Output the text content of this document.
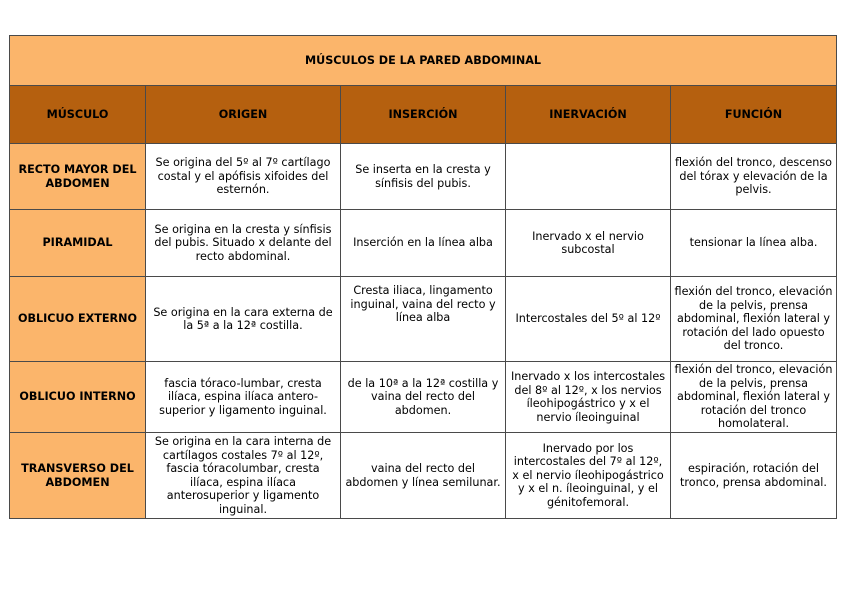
MÚSCULOS DE LA PARED ABDOMINAL				
MÚSCULO	ORIGEN	INSERCIÓN	INERVACIÓN	FUNCIÓN
RECTO MAYOR DEL ABDOMEN	Se origina del 5º al 7º cartílago costal y el apófisis xifoides del esternón.	Se inserta en la cresta y sínfisis del pubis.		flexión del tronco, descenso del tórax y elevación de la pelvis.
PIRAMIDAL	Se origina en la cresta y sínfisis del pubis. Situado x delante del recto abdominal.	Inserción en la línea alba	Inervado x el nervio subcostal	tensionar la línea alba.
OBLICUO EXTERNO	Se origina en la cara externa de la 5ª a la 12ª costilla.	Cresta iliaca, lingamento inguinal, vaina del recto y línea alba	Intercostales del 5º al 12º	flexión del tronco, elevación de la pelvis, prensa abdominal, flexión lateral y rotación del lado opuesto del tronco.
OBLICUO INTERNO	fascia tóraco-lumbar, cresta ilíaca, espina ilíaca antero-superior y ligamento inguinal.	de la 10ª a la 12ª costilla y vaina del recto del abdomen.	Inervado x los intercostales del 8º al 12º, x los nervios íleohipogástrico y x el nervio íleoinguinal	flexión del tronco, elevación de la pelvis, prensa abdominal, flexión lateral y rotación del tronco homolateral.
TRANSVERSO DEL ABDOMEN	Se origina en la cara interna de cartílagos costales 7º al 12º, fascia tóracolumbar, cresta ilíaca, espina ilíaca anterosuperior y ligamento inguinal.	vaina del recto del abdomen y línea semilunar.	Inervado por los intercostales del 7º al 12º, x el nervio íleohipogástrico y x el n. íleoinguinal, y el génitofemoral.	espiración, rotación del tronco, prensa abdominal.
